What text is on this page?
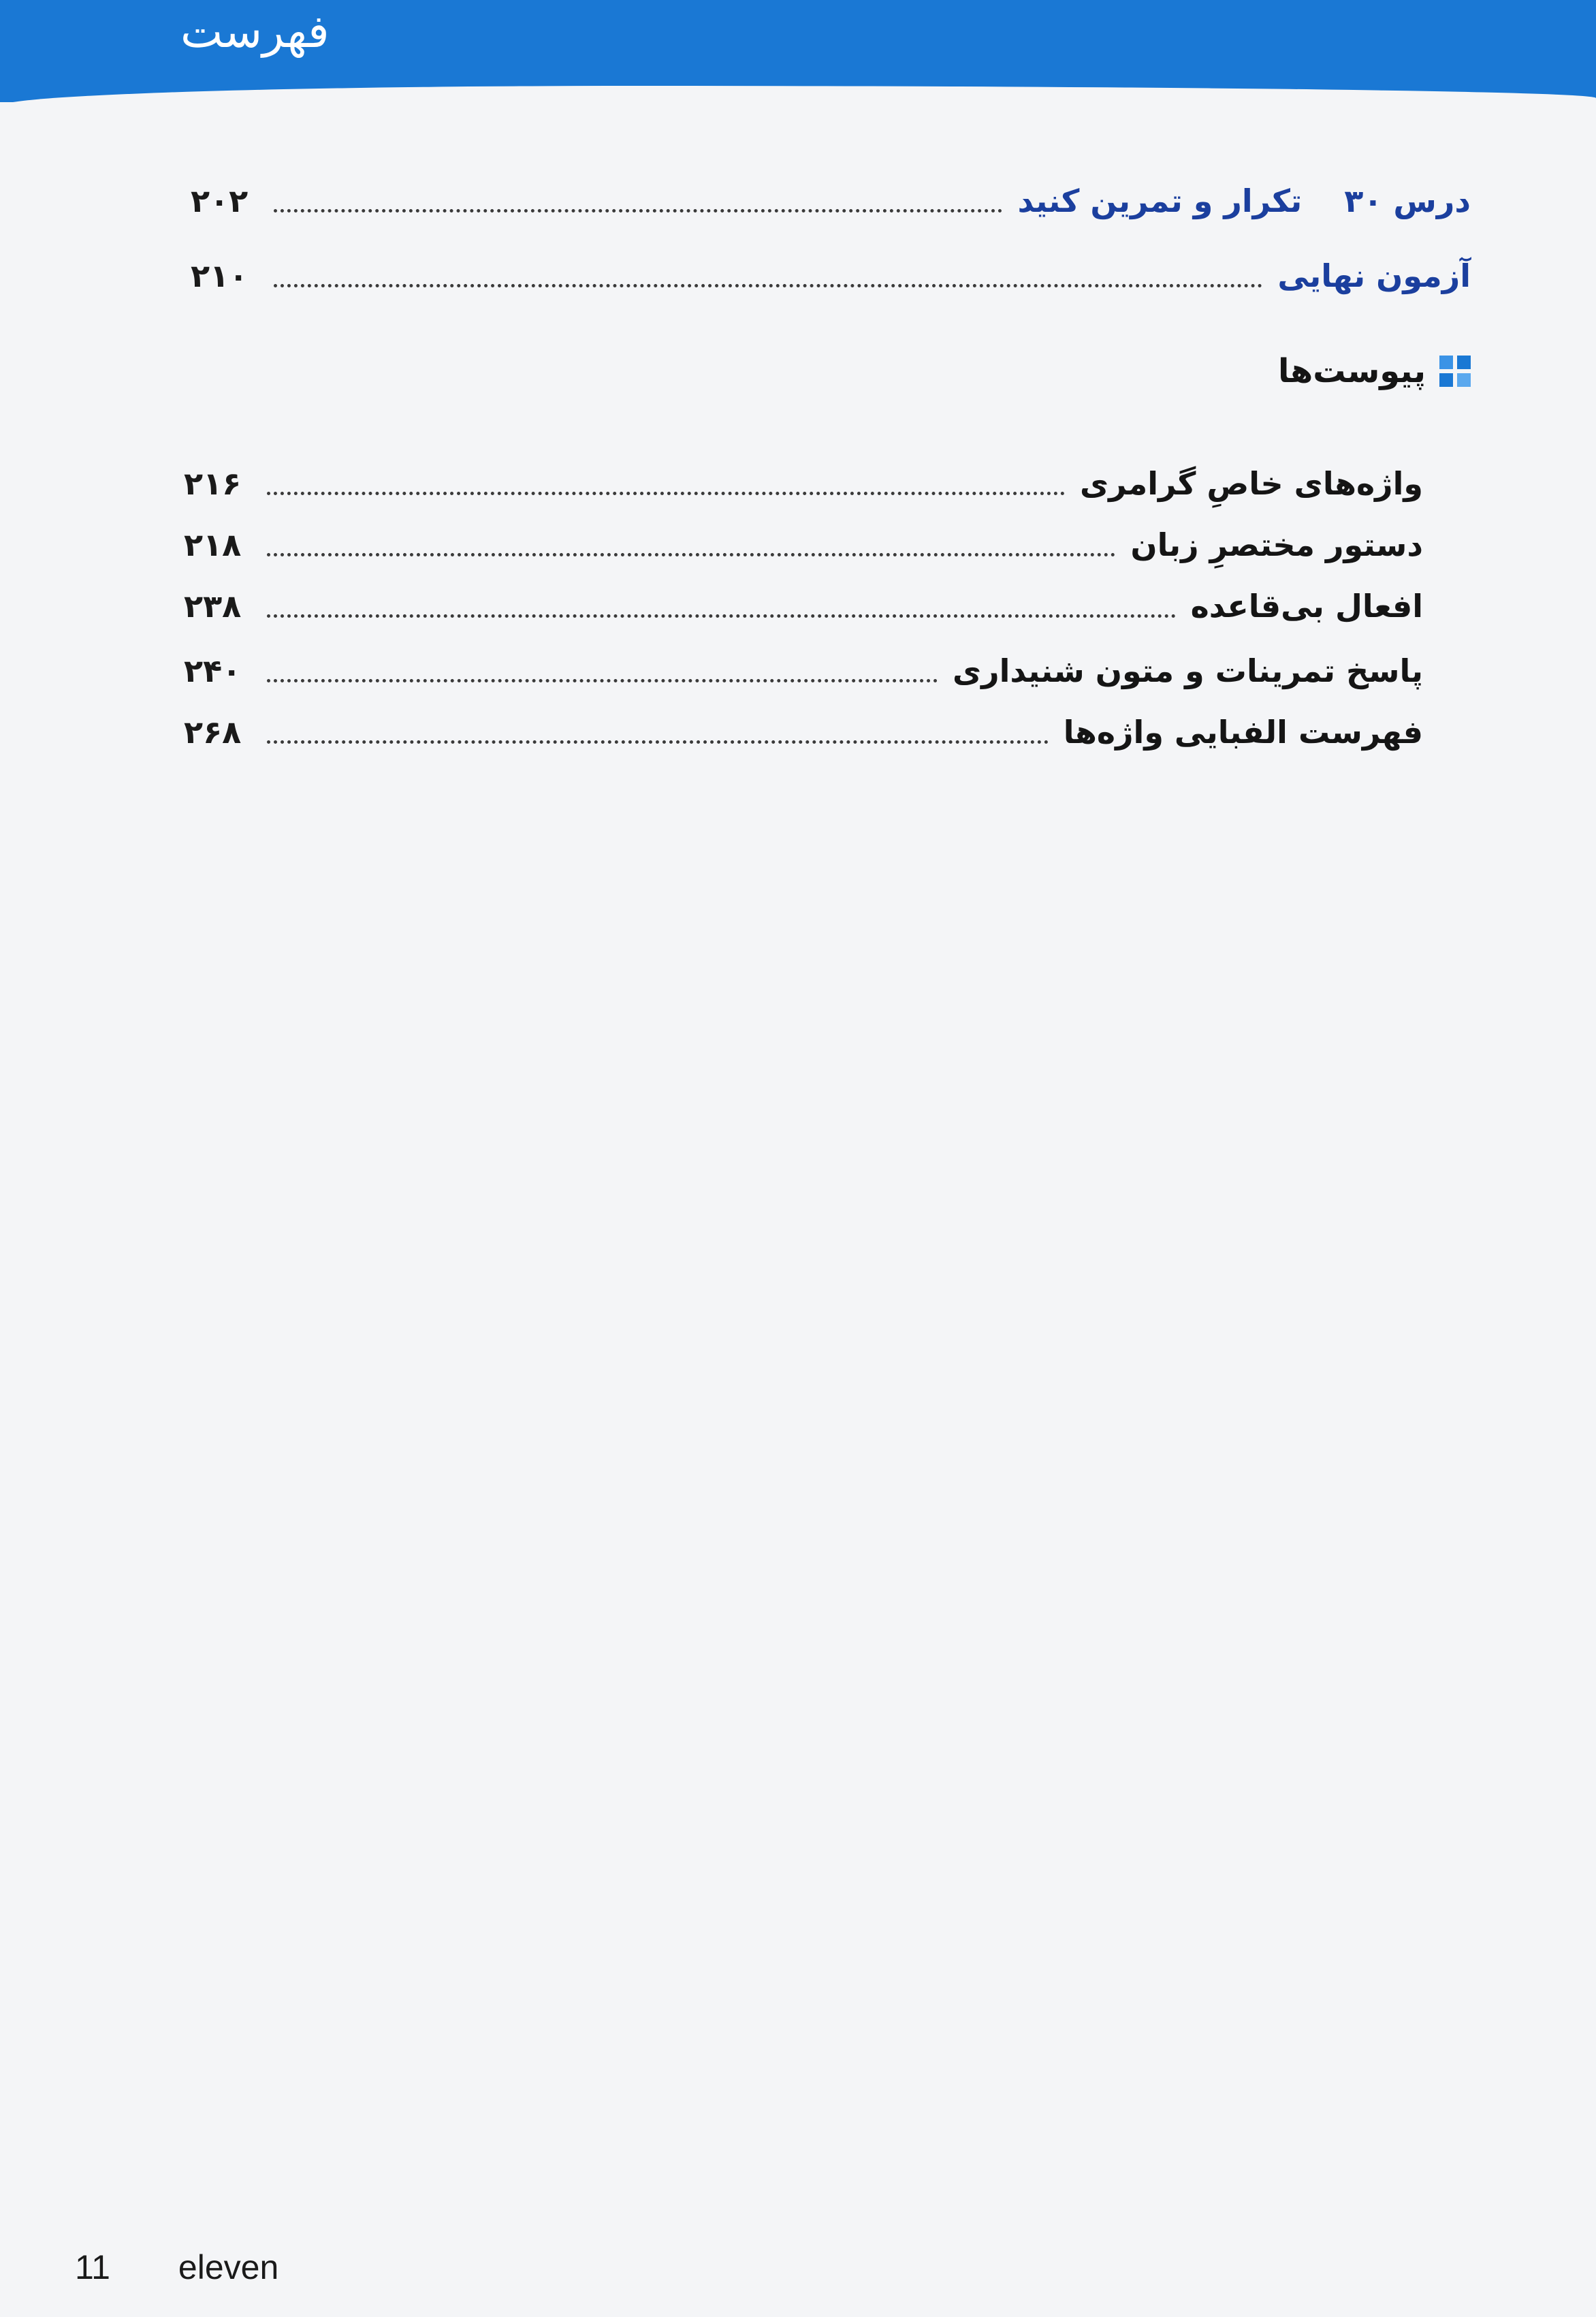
فهرست
درس ۳۰
تکرار و تمرین کنید
۲۰۲
آزمون نهایی
۲۱۰
پیوست‌ها
واژه‌های خاصِ گرامری
۲۱۶
دستور مختصرِ زبان
۲۱۸
افعال بی‌قاعده
۲۳۸
پاسخ تمرینات و متون شنیداری
۲۴۰
فهرست الفبایی واژه‌ها
۲۶۸
11 eleven
